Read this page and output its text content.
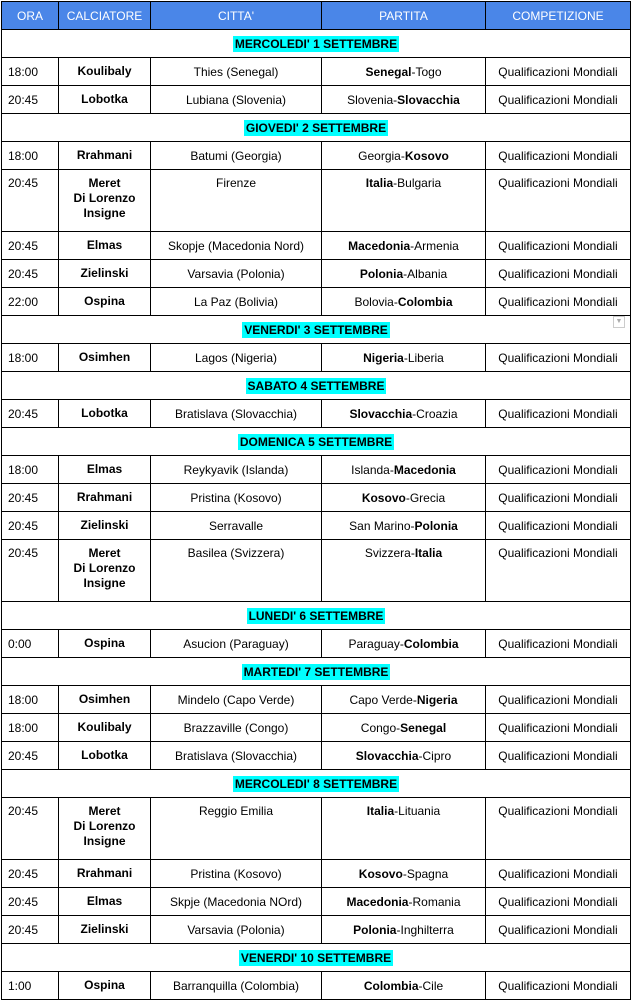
ORA	CALCIATORE	CITTA'	PARTITA	COMPETIZIONE
MERCOLEDI' 1 SETTEMBRE				
18:00	Koulibaly	Thies (Senegal)	Senegal-Togo	Qualificazioni Mondiali
20:45	Lobotka	Lubiana (Slovenia)	Slovenia-Slovacchia	Qualificazioni Mondiali
GIOVEDI' 2 SETTEMBRE				
18:00	Rrahmani	Batumi (Georgia)	Georgia-Kosovo	Qualificazioni Mondiali
20:45	Meret
Di Lorenzo
Insigne	Firenze	Italia-Bulgaria	Qualificazioni Mondiali
20:45	Elmas	Skopje (Macedonia Nord)	Macedonia-Armenia	Qualificazioni Mondiali
20:45	Zielinski	Varsavia (Polonia)	Polonia-Albania	Qualificazioni Mondiali
22:00	Ospina	La Paz (Bolivia)	Bolovia-Colombia	Qualificazioni Mondiali
VENERDI' 3 SETTEMBRE				
18:00	Osimhen	Lagos (Nigeria)	Nigeria-Liberia	Qualificazioni Mondiali
SABATO 4 SETTEMBRE				
20:45	Lobotka	Bratislava (Slovacchia)	Slovacchia-Croazia	Qualificazioni Mondiali
DOMENICA 5 SETTEMBRE				
18:00	Elmas	Reykyavik (Islanda)	Islanda-Macedonia	Qualificazioni Mondiali
20:45	Rrahmani	Pristina (Kosovo)	Kosovo-Grecia	Qualificazioni Mondiali
20:45	Zielinski	Serravalle	San Marino-Polonia	Qualificazioni Mondiali
20:45	Meret
Di Lorenzo
Insigne	Basilea (Svizzera)	Svizzera-Italia	Qualificazioni Mondiali
LUNEDI' 6 SETTEMBRE				
0:00	Ospina	Asucion (Paraguay)	Paraguay-Colombia	Qualificazioni Mondiali
MARTEDI' 7 SETTEMBRE				
18:00	Osimhen	Mindelo (Capo Verde)	Capo Verde-Nigeria	Qualificazioni Mondiali
18:00	Koulibaly	Brazzaville (Congo)	Congo-Senegal	Qualificazioni Mondiali
20:45	Lobotka	Bratislava (Slovacchia)	Slovacchia-Cipro	Qualificazioni Mondiali
MERCOLEDI' 8 SETTEMBRE				
20:45	Meret
Di Lorenzo
Insigne	Reggio Emilia	Italia-Lituania	Qualificazioni Mondiali
20:45	Rrahmani	Pristina (Kosovo)	Kosovo-Spagna	Qualificazioni Mondiali
20:45	Elmas	Skpje (Macedonia NOrd)	Macedonia-Romania	Qualificazioni Mondiali
20:45	Zielinski	Varsavia (Polonia)	Polonia-Inghilterra	Qualificazioni Mondiali
VENERDI' 10 SETTEMBRE				
1:00	Ospina	Barranquilla (Colombia)	Colombia-Cile	Qualificazioni Mondiali
▼
